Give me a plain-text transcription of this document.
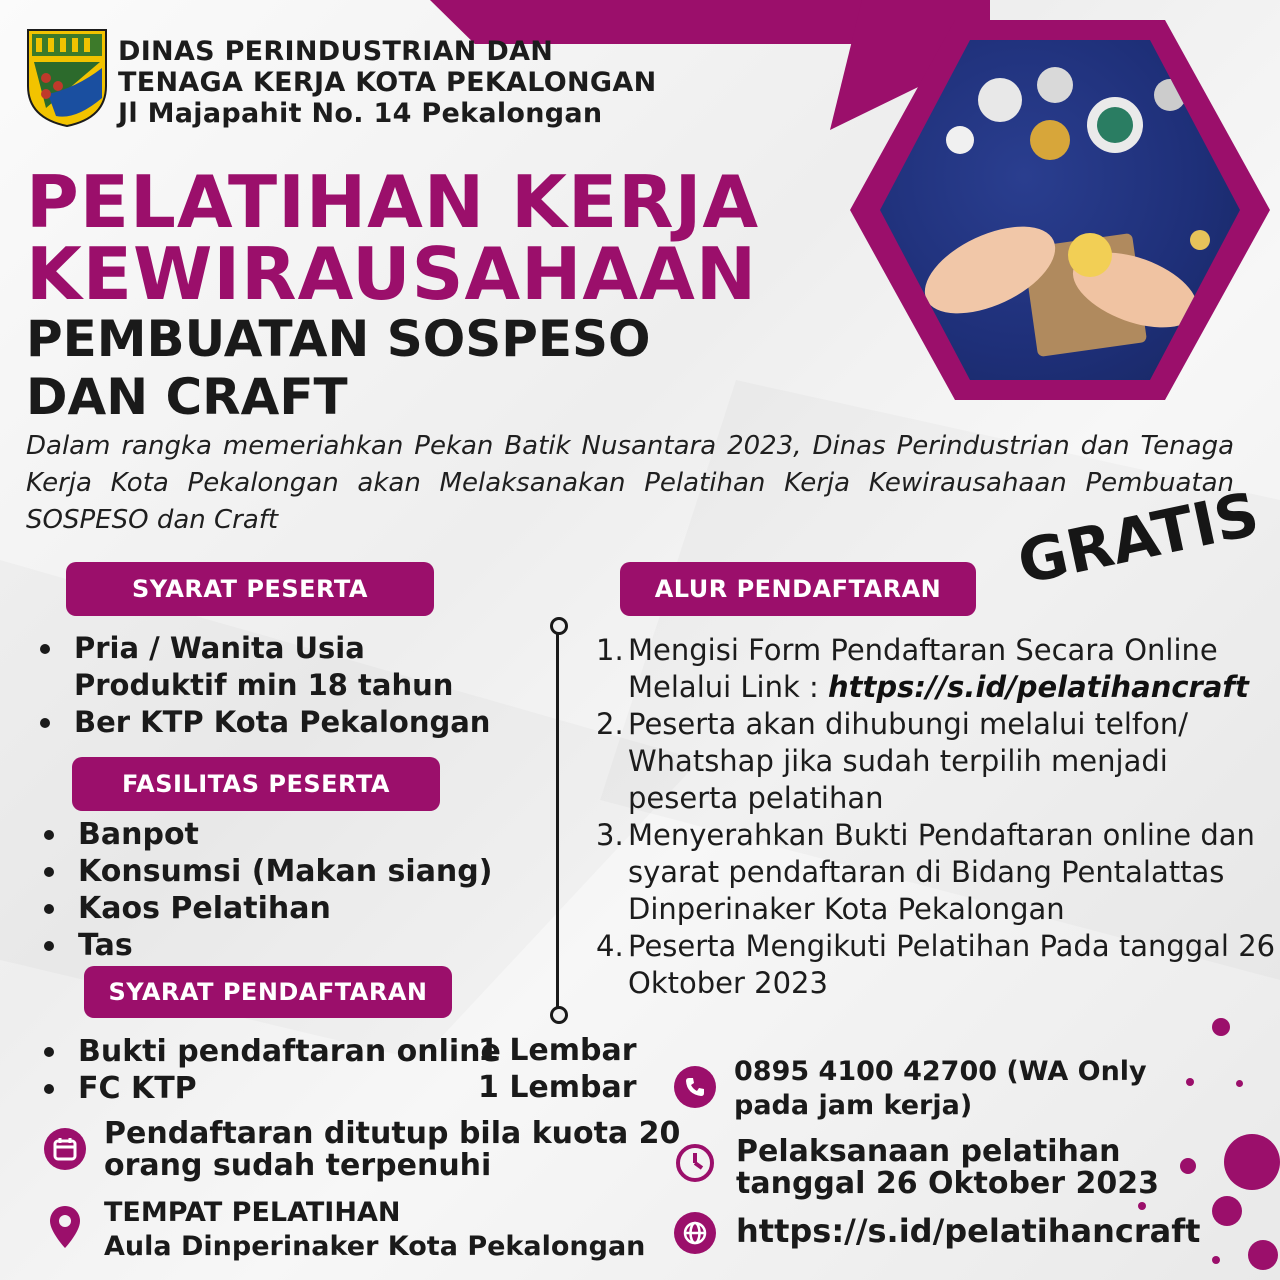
DINAS PERINDUSTRIAN DAN
TENAGA KERJA KOTA PEKALONGAN
Jl Majapahit No. 14 Pekalongan
PELATIHAN KERJA
KEWIRAUSAHAAN
PEMBUATAN SOSPESO
DAN CRAFT
Dalam rangka memeriahkan Pekan Batik Nusantara 2023, Dinas Perindustrian dan Tenaga Kerja Kota Pekalongan akan Melaksanakan Pelatihan Kerja Kewirausahaan Pembuatan SOSPESO dan Craft	GRATIS
SYARAT PESERTA
Pria / Wanita Usia
Produktif min 18 tahun
Ber KTP Kota Pekalongan
FASILITAS PESERTA
Banpot
Konsumsi (Makan siang)
Kaos Pelatihan
Tas
SYARAT PENDAFTARAN
Bukti pendaftaran online
FC KTP
1 Lembar
1 Lembar
ALUR PENDAFTARAN
1. Mengisi Form Pendaftaran Secara Online Melalui Link : https://s.id/pelatihancraft
2. Peserta akan dihubungi melalui telfon/ Whatshap jika sudah terpilih menjadi peserta pelatihan
3. Menyerahkan Bukti Pendaftaran online dan syarat pendaftaran di Bidang Pentalattas Dinperinaker Kota Pekalongan
4. Peserta Mengikuti Pelatihan Pada tanggal 26 Oktober 2023
Pendaftaran ditutup bila kuota 20
orang sudah terpenuhi
TEMPAT PELATIHAN
Aula Dinperinaker Kota Pekalongan
0895 4100 42700 (WA Only
pada jam kerja)
Pelaksanaan pelatihan
tanggal 26 Oktober 2023
https://s.id/pelatihancraft
